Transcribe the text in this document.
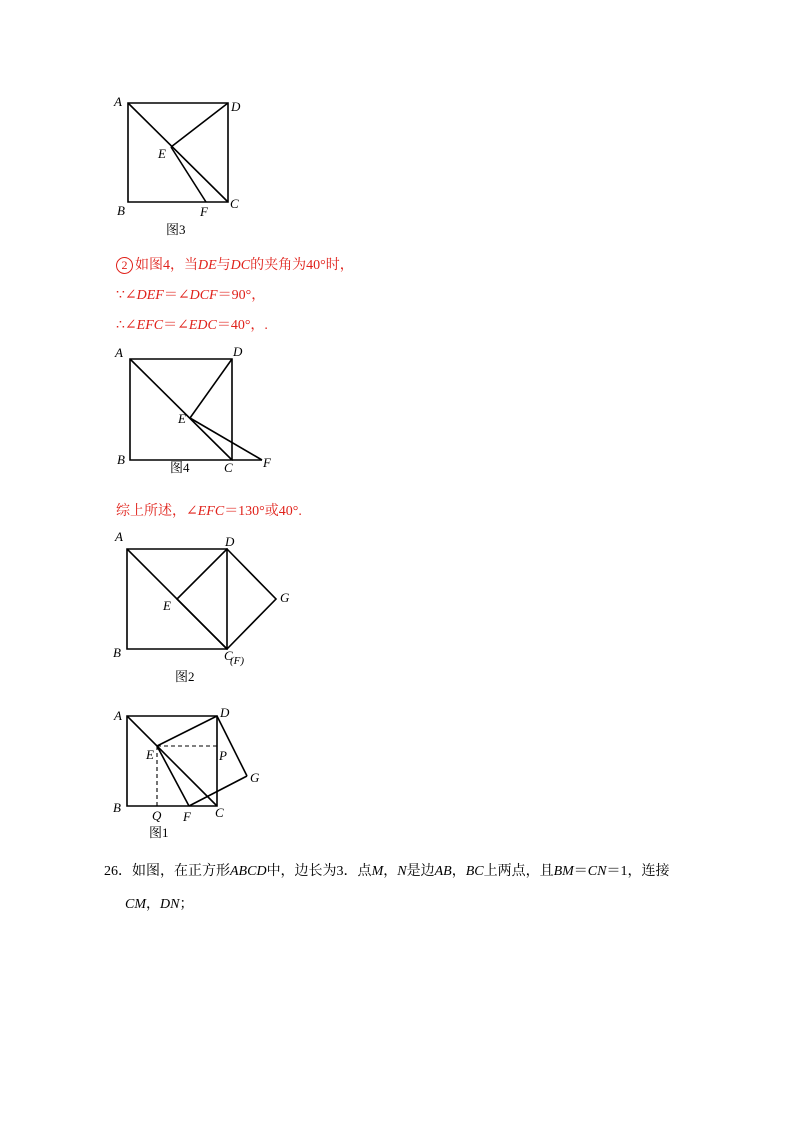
A	D
E
B	F
C
图3
2 如图4，当DE与DC的夹角为40°时，
∵∠DEF＝∠DCF＝90°，
∴∠EFC＝∠EDC＝40°，.
A	D
E
B
C F
图4
综上所述，∠EFC＝130°或40°.
A	D
G
E
B	C
(F)
图2
A	D
E	P
G
B
Q F C
图1
26．如图，在正方形ABCD中，边长为3．点M，N是边AB，BC上两点，且BM＝CN＝1，连接
CM，DN；
